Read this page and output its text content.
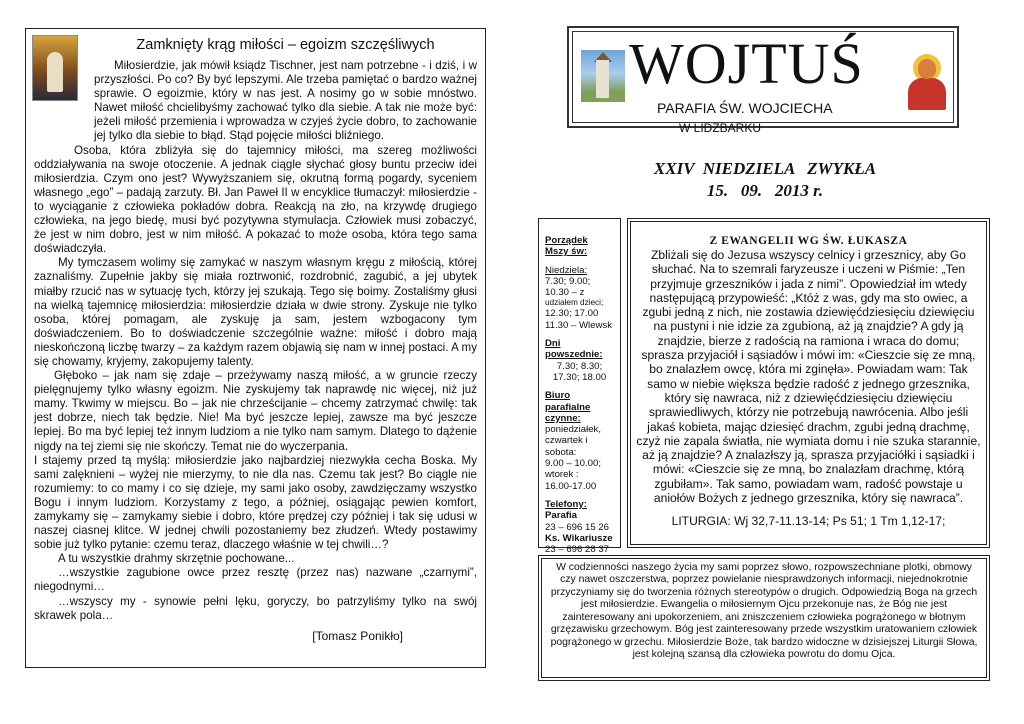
Zamknięty krąg miłości – egoizm szczęśliwych

Miłosierdzie, jak mówił ksiądz Tischner, jest nam potrzebne - i dziś, i w przyszłości. Po co? By być lepszymi. Ale trzeba pamiętać o bardzo ważnej sprawie. O egoizmie, który w nas jest. A nosimy go w sobie mnóstwo. Nawet miłość chcielibyśmy zachować tylko dla siebie. A tak nie może być: jeżeli miłość przemienia i wprowadza w czyjeś życie dobro, to zachowanie jej tylko dla siebie to błąd. Stąd pojęcie miłości bliźniego.

Osoba, która zbliżyła się do tajemnicy miłości, ma szereg możliwości oddziaływania na swoje otoczenie. A jednak ciągle słychać głosy buntu przeciw idei miłosierdzia. Czym ono jest? Wywyższaniem się, okrutną formą pogardy, syceniem własnego „ego” – padają zarzuty. Bł. Jan Paweł II w encyklice tłumaczył: miłosierdzie - to wyciąganie z człowieka pokładów dobra. Reakcją na zło, na krzywdę drugiego człowieka, na jego biedę, musi być pozytywna stymulacja. Człowiek musi zobaczyć, że jest w nim dobro, jest w nim miłość. A pokazać to może osoba, która tego sama doświadczyła.

My tymczasem wolimy się zamykać w naszym własnym kręgu z miłością, której zaznaliśmy. Zupełnie jakby się miała roztrwonić, rozdrobnić, zagubić, a jej ubytek miałby rzucić nas w sytuację tych, którzy jej szukają. Tego się boimy. Zostaliśmy głusi na wielką tajemnicę miłosierdzia: miłosierdzie działa w dwie strony. Zyskuje nie tylko osoba, której pomagam, ale zyskuję ja sam, jestem wzbogacony tym doświadczeniem. Bo to doświadczenie szczególnie ważne: miłość i dobro mają nieskończoną liczbę twarzy – za każdym razem objawią się nam w innej postaci. A my się chowamy, kryjemy, zakopujemy talenty.

Głęboko – jak nam się zdaje – przeżywamy naszą miłość, a w gruncie rzeczy pielęgnujemy tylko własny egoizm. Nie zyskujemy tak naprawdę nic więcej, niż już mamy. Tkwimy w miejscu. Bo – jak nie chrześcijanie – chcemy zatrzymać chwilę: tak jest dobrze, niech tak będzie. Nie! Ma być jeszcze lepiej, zawsze ma być jeszcze lepiej. Bo ma być lepiej też innym ludziom a nie tylko nam samym. Dlatego to dążenie nigdy na tej ziemi się nie skończy. Temat nie do wyczerpania.

I stajemy przed tą myślą: miłosierdzie jako najbardziej niezwykła cecha Boska. My sami zalęknieni – wyżej nie mierzymy, to nie dla nas. Czemu tak jest? Bo ciągle nie rozumiemy: to co mamy i co się dzieje, my sami jako osoby, zawdzięczamy wszystko Bogu i innym ludziom. Korzystamy z tego, a później, osiągając pewien komfort, zamykamy się – zamykamy siebie i dobro, które prędzej czy później i tak się udusi w naszej ciasnej klitce. W jednej chwili pozostaniemy bez złudzeń. Wtedy postawimy sobie już tylko pytanie: czemu teraz, dlaczego właśnie w tej chwili…?

A tu wszystkie drahmy skrzętnie pochowane...

…wszystkie zagubione owce przez resztę (przez nas) nazwane „czarnymi”, niegodnymi…

…wszyscy my - synowie pełni lęku, goryczy, bo patrzyliśmy tylko na swój skrawek pola…

[Tomasz Ponikło]
WOJTUŚ
PARAFIA ŚW. WOJCIECHA
W LIDZBARKU
XXIV  NIEDZIELA   ZWYKŁA
15.   09.   2013 r.
Porządek
Mszy św:
Niedziela:
7.30; 9.00;
10.30 – z
udziałem dzieci;
12.30; 17.00
11.30 – Wlewsk
Dni powszednie:
7.30; 8.30;
17.30; 18.00
Biuro parafialne
czynne:
poniedziałek,
czwartek i
sobota:
9.00 – 10.00;
wtorek :
16.00-17.00
Telefony:
Parafia
23 – 696 15 26
Ks. Wikariusze
23 – 696 28 37
Z EWANGELII WG ŚW. ŁUKASZA
Zbliżali się do Jezusa wszyscy celnicy i grzesznicy, aby Go słuchać. Na to szemrali faryzeusze i uczeni w Piśmie: „Ten przyjmuje grzeszników i jada z nimi”. Opowiedział im wtedy następującą przypowieść: „Któż z was, gdy ma sto owiec, a zgubi jedną z nich, nie zostawia dziewięćdziesięciu dziewięciu na pustyni i nie idzie za zgubioną, aż ją znajdzie? A gdy ją znajdzie, bierze z radością na ramiona i wraca do domu; sprasza przyjaciół i sąsiadów i mówi im: «Cieszcie się ze mną, bo znalazłem owcę, która mi zginęła». Powiadam wam: Tak samo w niebie większa będzie radość z jednego grzesznika, który się nawraca, niż z dziewięćdziesięciu dziewięciu sprawiedliwych, którzy nie potrzebują nawrócenia. Albo jeśli jakaś kobieta, mając dziesięć drachm, zgubi jedną drachmę, czyż nie zapala światła, nie wymiata domu i nie szuka starannie, aż ją znajdzie? A znalazłszy ją, sprasza przyjaciółki i sąsiadki i mówi: «Cieszcie się ze mną, bo znalazłam drachmę, którą zgubiłam». Tak samo, powiadam wam, radość powstaje u aniołów Bożych z jednego grzesznika, który się nawraca”.
LITURGIA: Wj 32,7-11.13-14; Ps 51; 1 Tm 1,12-17;
W codzienności naszego życia my sami poprzez słowo, rozpowszechniane plotki, obmowy czy nawet oszczerstwa, poprzez powielanie niesprawdzonych informacji, niejednokrotnie przyczyniamy się do tworzenia różnych stereotypów o drugich. Odpowiedzią Boga na grzech jest miłosierdzie. Ewangelia o miłosiernym Ojcu przekonuje nas, że Bóg nie jest zainteresowany ani upokorzeniem, ani zniszczeniem człowieka pogrążonego w błotnym grzęzawisku grzechowym. Bóg jest zainteresowany przede wszystkim uratowaniem człowiek pogrążonego w grzechu. Miłosierdzie Boże, tak bardzo widoczne w dzisiejszej Liturgii Słowa, jest kolejną szansą dla człowieka powrotu do domu Ojca.
